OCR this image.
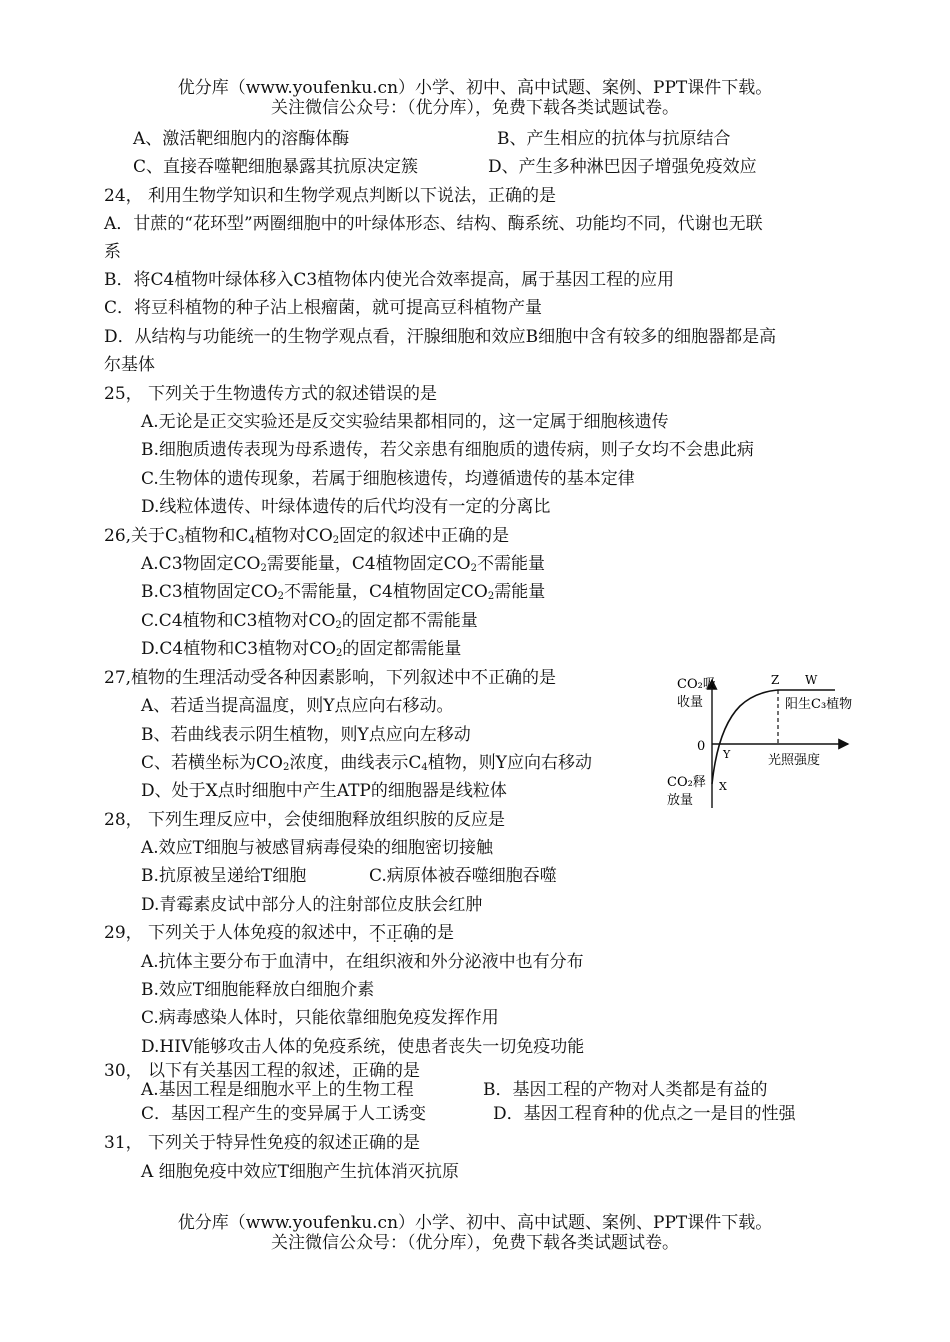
优分库（www.youfenku.cn）小学、初中、高中试题、案例、PPT课件下载。
关注微信公众号：（优分库），免费下载各类试题试卷。
A、激活靶细胞内的溶酶体酶	B、产生相应的抗体与抗原结合
C、直接吞噬靶细胞暴露其抗原决定簇	D、产生多种淋巴因子增强免疫效应
24， 利用生物学知识和生物学观点判断以下说法，正确的是
A．甘蔗的“花环型”两圈细胞中的叶绿体形态、结构、酶系统、功能均不同，代谢也无联
系
B．将C4植物叶绿体移入C3植物体内使光合效率提高，属于基因工程的应用
C．将豆科植物的种子沾上根瘤菌，就可提高豆科植物产量
D．从结构与功能统一的生物学观点看，汗腺细胞和效应B细胞中含有较多的细胞器都是高
尔基体
25， 下列关于生物遗传方式的叙述错误的是
A.无论是正交实验还是反交实验结果都相同的，这一定属于细胞核遗传
B.细胞质遗传表现为母系遗传，若父亲患有细胞质的遗传病，则子女均不会患此病
C.生物体的遗传现象，若属于细胞核遗传，均遵循遗传的基本定律
D.线粒体遗传、叶绿体遗传的后代均没有一定的分离比
26,关于$C_3$植物和$C_4$植物对$CO_2$固定的叙述中正确的是
A.C3物固定$CO_2$需要能量，C4植物固定$CO_2$不需能量
B.C3植物固定$CO_2$不需能量，C4植物固定$CO_2$需能量
C.C4植物和C3植物对$CO_2$的固定都不需能量
D.C4植物和C3植物对$CO_2$的固定都需能量
27,植物的生理活动受各种因素影响，下列叙述中不正确的是
A、若适当提高温度，则Y点应向右移动。
B、若曲线表示阴生植物，则Y点应向左移动
C、若横坐标为$CO_2$浓度，曲线表示$C_4$植物，则Y应向右移动
D、处于X点时细胞中产生ATP的细胞器是线粒体
CO₂吸
收量
0
Z W
阳生C₃植物
Y	光照强度
CO₂释
放量
X
28， 下列生理反应中，会使细胞释放组织胺的反应是
A.效应T细胞与被感冒病毒侵染的细胞密切接触
B.抗原被呈递给T细胞	C.病原体被吞噬细胞吞噬
D.青霉素皮试中部分人的注射部位皮肤会红肿
29， 下列关于人体免疫的叙述中，不正确的是
A.抗体主要分布于血清中，在组织液和外分泌液中也有分布
B.效应T细胞能释放白细胞介素
C.病毒感染人体时，只能依靠细胞免疫发挥作用
D.HIV能够攻击人体的免疫系统，使患者丧失一切免疫功能
30， 以下有关基因工程的叙述，正确的是
A.基因工程是细胞水平上的生物工程	B．基因工程的产物对人类都是有益的
C．基因工程产生的变异属于人工诱变	D．基因工程育种的优点之一是目的性强
31， 下列关于特异性免疫的叙述正确的是
A 细胞免疫中效应T细胞产生抗体消灭抗原
优分库（www.youfenku.cn）小学、初中、高中试题、案例、PPT课件下载。
关注微信公众号：（优分库），免费下载各类试题试卷。
